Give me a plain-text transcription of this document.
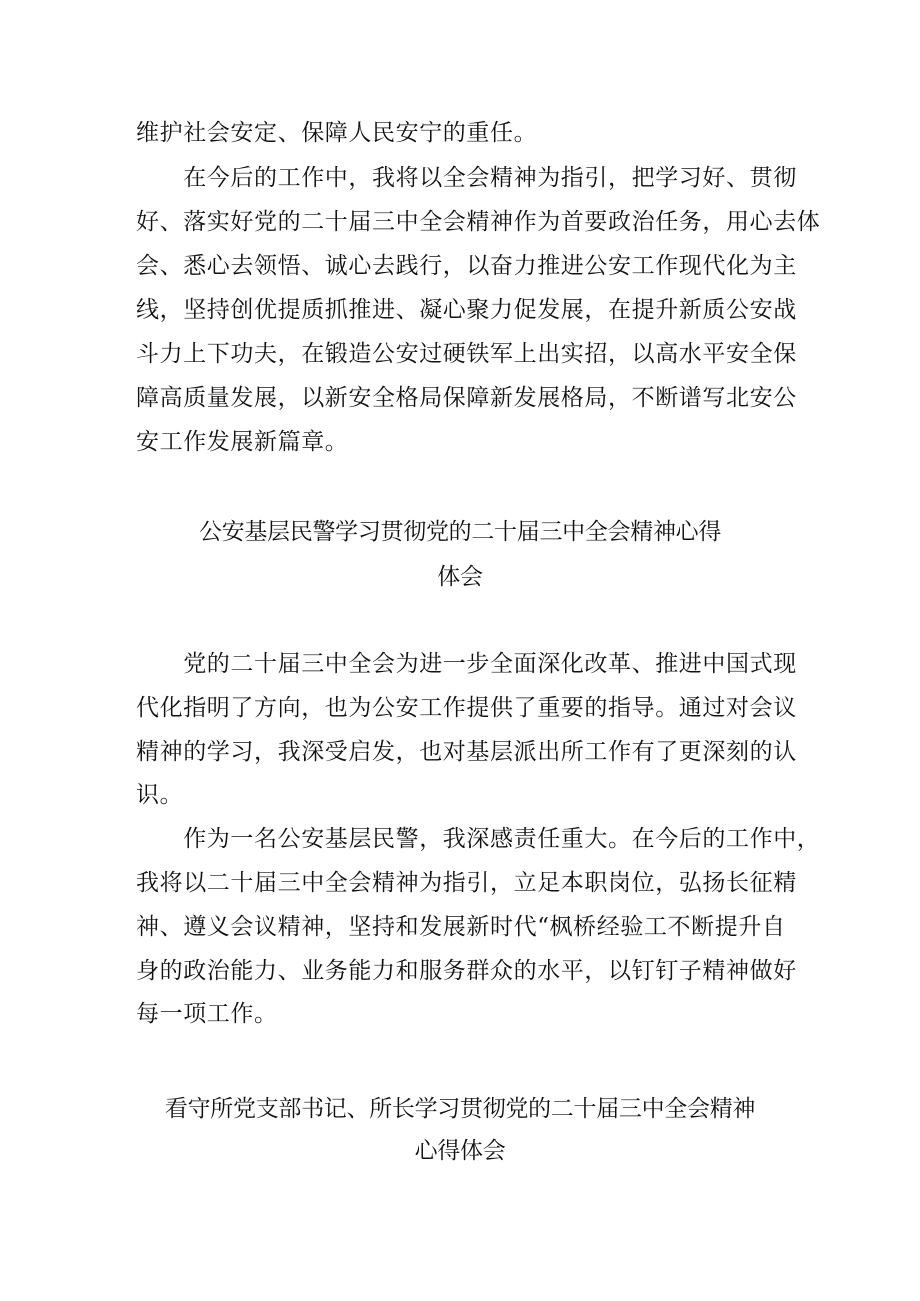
维护社会安定、保障人民安宁的重任。
　　在今后的工作中，我将以全会精神为指引，把学习好、贯彻
好、落实好党的二十届三中全会精神作为首要政治任务，用心去体
会、悉心去领悟、诚心去践行，以奋力推进公安工作现代化为主
线，坚持创优提质抓推进、凝心聚力促发展，在提升新质公安战
斗力上下功夫，在锻造公安过硬铁军上出实招，以高水平安全保
障高质量发展，以新安全格局保障新发展格局，不断谱写北安公
安工作发展新篇章。
公安基层民警学习贯彻党的二十届三中全会精神心得
体会
　　党的二十届三中全会为进一步全面深化改革、推进中国式现
代化指明了方向，也为公安工作提供了重要的指导。通过对会议
精神的学习，我深受启发，也对基层派出所工作有了更深刻的认
识。
　　作为一名公安基层民警，我深感责任重大。在今后的工作中，
我将以二十届三中全会精神为指引，立足本职岗位，弘扬长征精
神、遵义会议精神，坚持和发展新时代“枫桥经验工不断提升自
身的政治能力、业务能力和服务群众的水平，以钉钉子精神做好
每一项工作。
看守所党支部书记、所长学习贯彻党的二十届三中全会精神
心得体会
